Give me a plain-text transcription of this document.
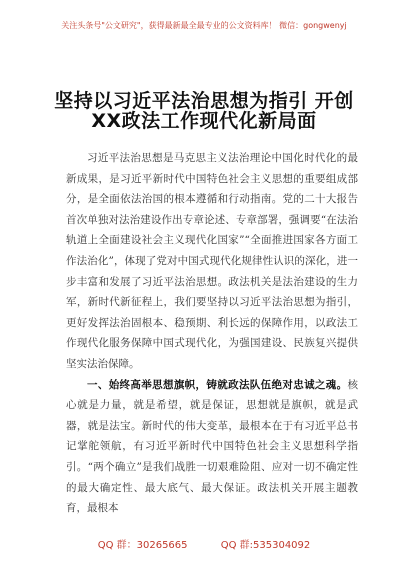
关注头条号"公文研究"，获得最新最全最专业的公文资料库！ 微信：gongwenyj
坚持以习近平法治思想为指引 开创
XX政法工作现代化新局面

习近平法治思想是马克思主义法治理论中国化时代化的最新成果，是习近平新时代中国特色社会主义思想的重要组成部分，是全面依法治国的根本遵循和行动指南。党的二十大报告首次单独对法治建设作出专章论述、专章部署，强调要“在法治轨道上全面建设社会主义现代化国家”“全面推进国家各方面工作法治化”，体现了党对中国式现代化规律性认识的深化，进一步丰富和发展了习近平法治思想。政法机关是法治建设的生力军，新时代新征程上，我们要坚持以习近平法治思想为指引，更好发挥法治固根本、稳预期、利长远的保障作用，以政法工作现代化服务保障中国式现代化，为强国建设、民族复兴提供坚实法治保障。

一、始终高举思想旗帜，铸就政法队伍绝对忠诚之魂。核心就是力量，就是希望，就是保证，思想就是旗帜，就是武器，就是法宝。新时代的伟大变革，最根本在于有习近平总书记掌舵领航，有习近平新时代中国特色社会主义思想科学指引。“两个确立”是我们战胜一切艰难险阻、应对一切不确定性的最大确定性、最大底气、最大保证。政法机关开展主题教育，最根本

QQ 群：30265665	QQ 群:535304092
